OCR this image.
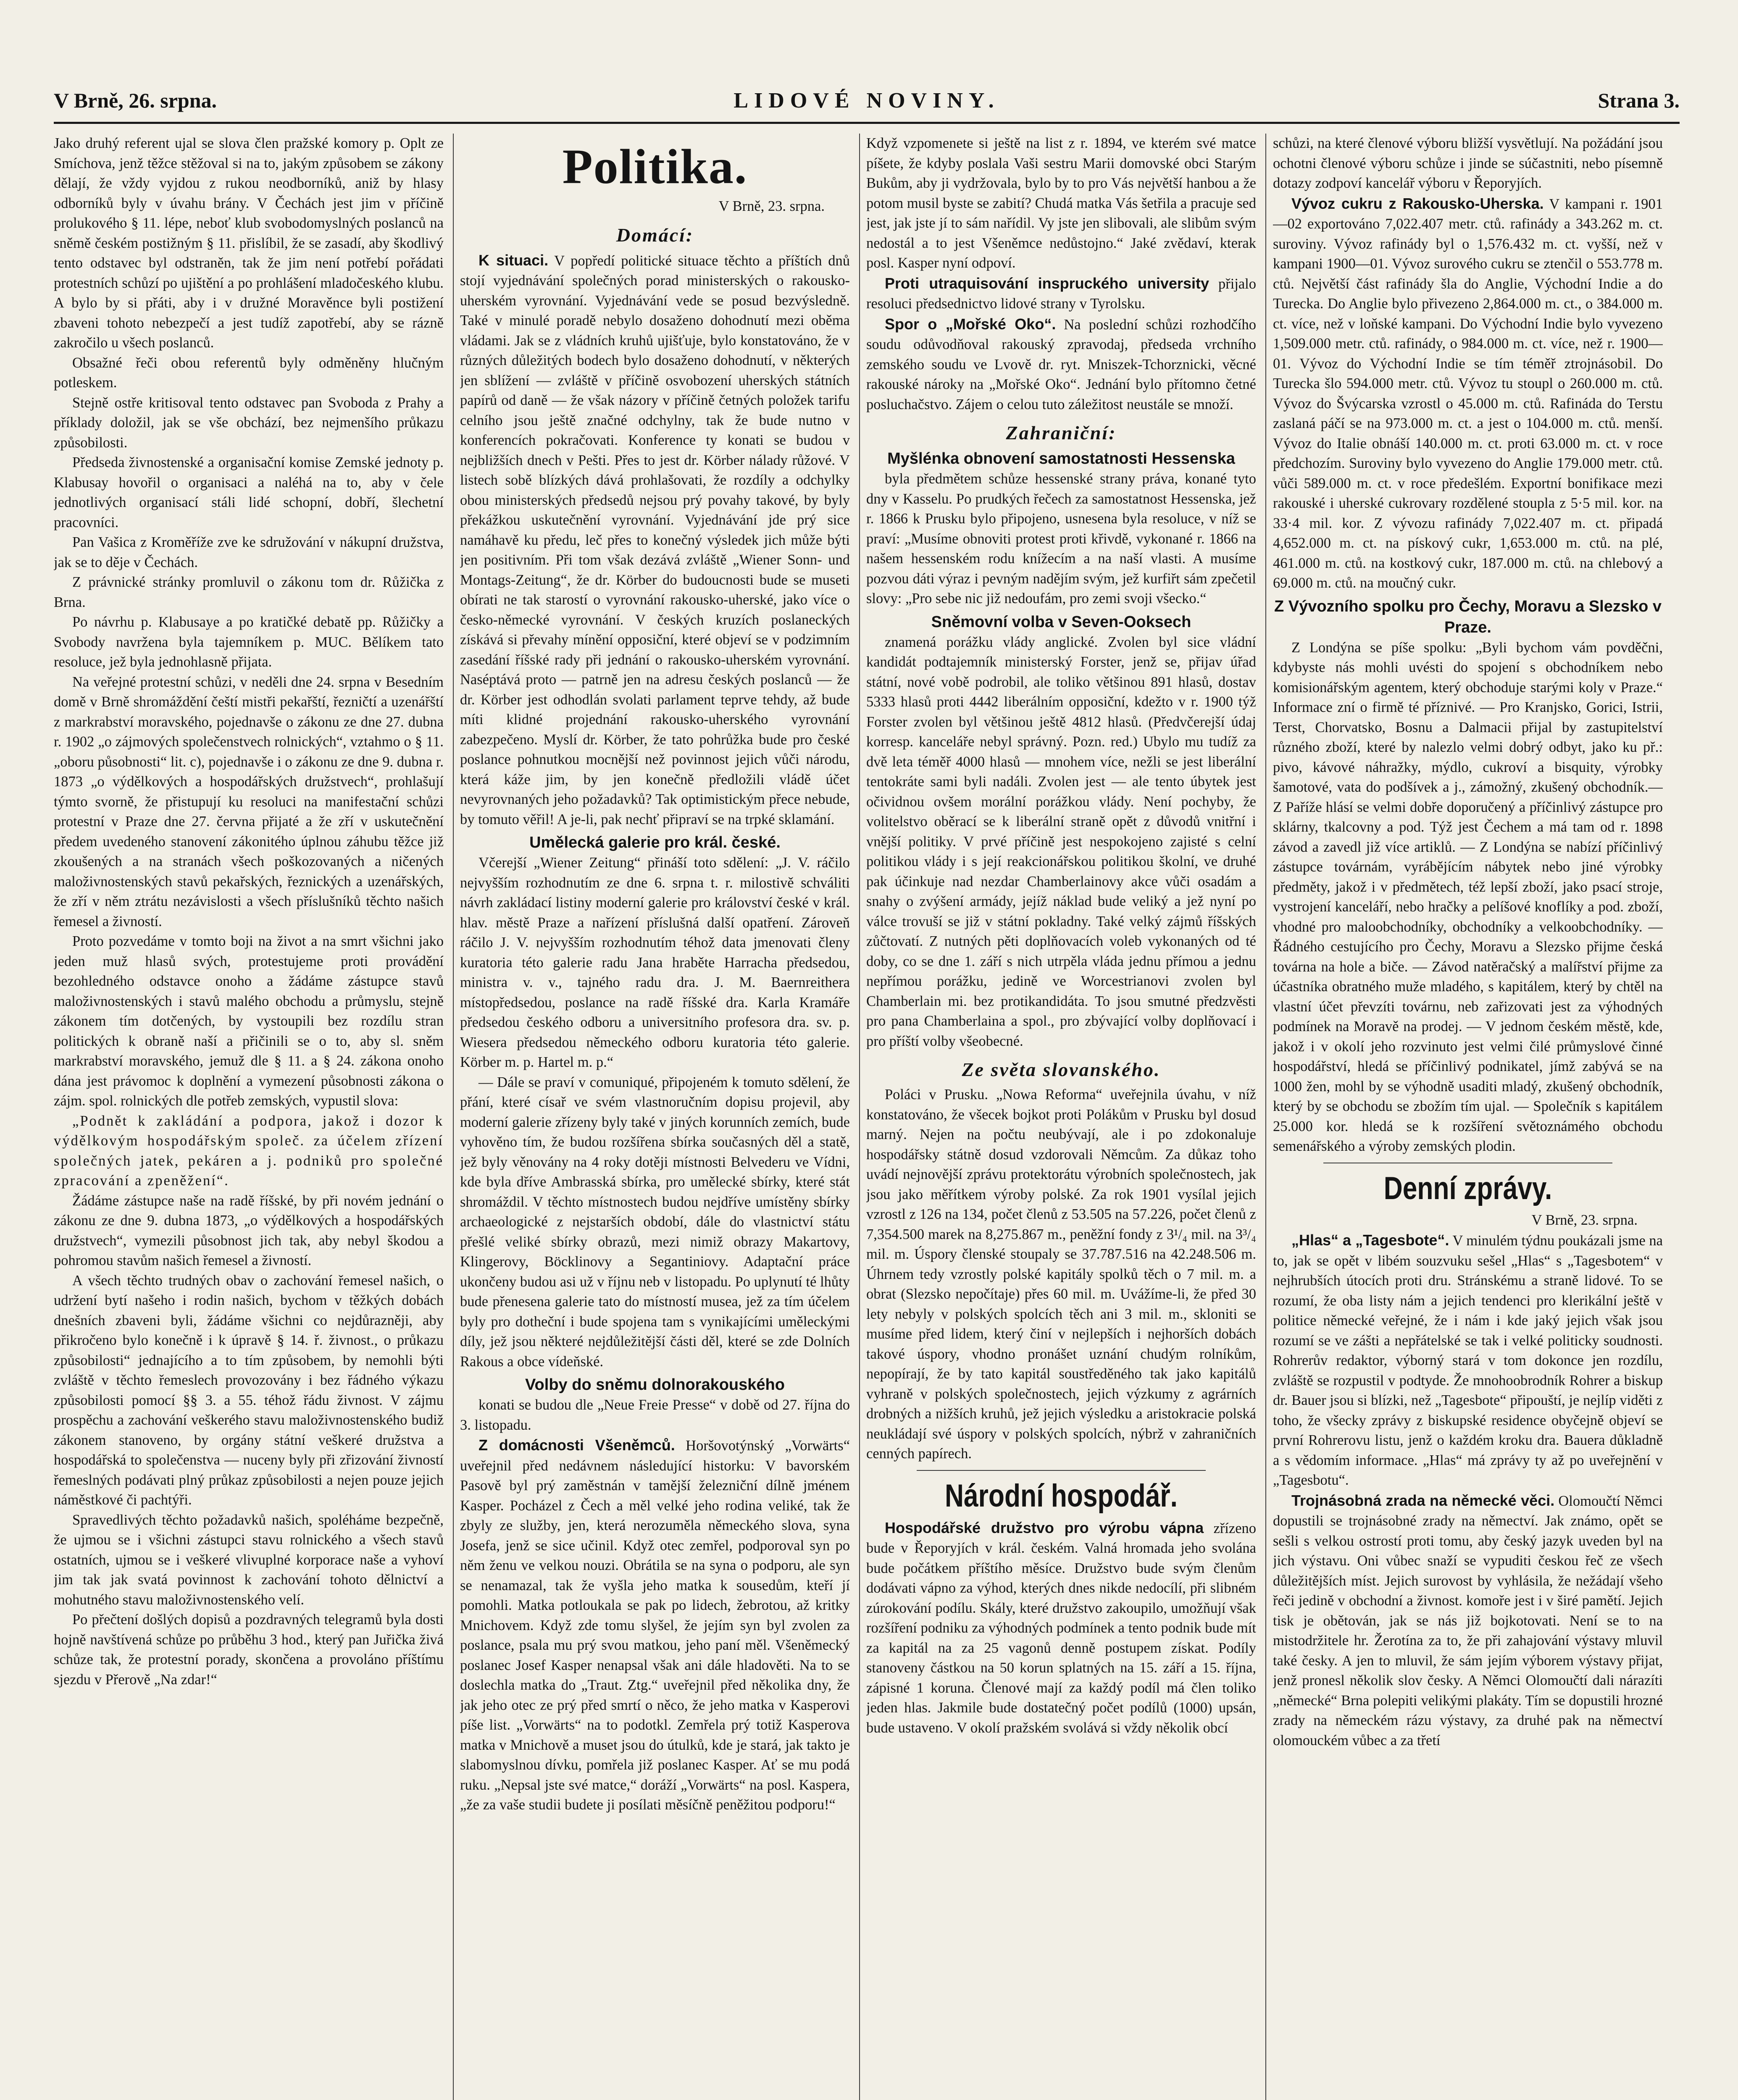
V Brně, 26. srpna.	LIDOVÉ NOVINY.	Strana 3.

Jako druhý referent ujal se slova člen pražské komory p. Oplt ze Smíchova, jenž těžce stěžoval si na to, jakým způsobem se zákony dělají, že vždy vyjdou z rukou neodborníků, aniž by hlasy odborníků byly v úvahu brány. V Čechách jest jim v příčině prolukového § 11. lépe, neboť klub svobodomyslných poslanců na sněmě českém postižným § 11. přislíbil, že se zasadí, aby škodlivý tento odstavec byl odstraněn, tak že jim není potřebí pořádati protestních schůzí po ujištění a po prohlášení mladočeského klubu. A bylo by si přáti, aby i v družné Moravěnce byli postižení zbaveni tohoto nebezpečí a jest tudíž zapotřebí, aby se rázně zakročilo u všech poslanců.

Obsažné řeči obou referentů byly odměněny hlučným potleskem.

Stejně ostře kritisoval tento odstavec pan Svoboda z Prahy a příklady doložil, jak se vše obchází, bez nejmenšího průkazu způsobilosti.

Předseda živnostenské a organisační komise Zemské jednoty p. Klabusay hovořil o organisaci a naléhá na to, aby v čele jednotlivých organisací stáli lidé schopní, dobří, šlechetní pracovníci.

Pan Vašica z Kroměříže zve ke sdružování v nákupní družstva, jak se to děje v Čechách.

Z právnické stránky promluvil o zákonu tom dr. Růžička z Brna.

Po návrhu p. Klabusaye a po kratičké debatě pp. Růžičky a Svobody navržena byla tajemníkem p. MUC. Bělíkem tato resoluce, jež byla jednohlasně přijata.

Na veřejné protestní schůzi, v neděli dne 24. srpna v Besedním domě v Brně shromáždění čeští mistři pekařští, řezničtí a uzenářští z markrabství moravského, pojednavše o zákonu ze dne 27. dubna r. 1902 „o zájmových společenstvech rolnických“, vztahmo o § 11. „oboru působnosti“ lit. c), pojednavše i o zákonu ze dne 9. dubna r. 1873 „o výdělkových a hospodářských družstvech“, prohlašují týmto svorně, že přistupují ku resoluci na manifestační schůzi protestní v Praze dne 27. června přijaté a že zří v uskutečnění předem uvedeného stanovení zákonitého úplnou záhubu těžce již zkoušených a na stranách všech poškozovaných a ničených maloživnostenských stavů pekařských, řeznických a uzenářských, že zří v něm ztrátu nezávislosti a všech příslušníků těchto našich řemesel a živností.

Proto pozvedáme v tomto boji na život a na smrt všichni jako jeden muž hlasů svých, protestujeme proti provádění bezohledného odstavce onoho a žádáme zástupce stavů maloživnostenských i stavů malého obchodu a průmyslu, stejně zákonem tím dotčených, by vystoupili bez rozdílu stran politických k obraně naší a přičinili se o to, aby sl. sněm markrabství moravského, jemuž dle § 11. a § 24. zákona onoho dána jest právomoc k doplnění a vymezení působnosti zákona o zájm. spol. rolnických dle potřeb zemských, vypustil slova:

„Podnět k zakládání a podpora, jakož i dozor k výdělkovým hospodářským společ. za účelem zřízení společných jatek, pekáren a j. podniků pro společné zpracování a zpeněžení“.

Žádáme zástupce naše na radě říšské, by při novém jednání o zákonu ze dne 9. dubna 1873, „o výdělkových a hospodářských družstvech“, vymezili působnost jich tak, aby nebyl škodou a pohromou stavům našich řemesel a živností.

A všech těchto trudných obav o zachování řemesel našich, o udržení bytí našeho i rodin našich, bychom v těžkých dobách dnešních zbaveni byli, žádáme všichni co nejdůrazněji, aby přikročeno bylo konečně i k úpravě § 14. ř. živnost., o průkazu způsobilosti“ jednajícího a to tím způsobem, by nemohli býti zvláště v těchto řemeslech provozovány i bez řádného výkazu způsobilosti pomocí §§ 3. a 55. téhož řádu živnost. V zájmu prospěchu a zachování veškerého stavu maloživnostenského budiž zákonem stanoveno, by orgány státní veškeré družstva a hospodářská to společenstva — nuceny byly při zřizování živností řemeslných podávati plný průkaz způsobilosti a nejen pouze jejich náměstkové či pachtýři.

Spravedlivých těchto požadavků našich, spoléháme bezpečně, že ujmou se i všichni zástupci stavu rolnického a všech stavů ostatních, ujmou se i veškeré vlivuplné korporace naše a vyhoví jim tak jak svatá povinnost k zachování tohoto dělnictví a mohutného stavu maloživnostenského velí.

Po přečtení došlých dopisů a pozdravných telegramů byla dosti hojně navštívená schůze po průběhu 3 hod., který pan Juřička živá schůze tak, že protestní porady, skončena a provoláno příštímu sjezdu v Přerově „Na zdar!“

Politika.
V Brně, 23. srpna.
Domácí:

K situaci. V popředí politické situace těchto a příštích dnů stojí vyjednávání společných porad ministerských o rakousko-uherském vyrovnání. Vyjednávání vede se posud bezvýsledně. Také v minulé poradě nebylo dosaženo dohodnutí mezi oběma vládami. Jak se z vládních kruhů ujišťuje, bylo konstatováno, že v různých důležitých bodech bylo dosaženo dohodnutí, v některých jen sblížení — zvláště v příčině osvobození uherských státních papírů od daně — že však názory v příčině četných položek tarifu celního jsou ještě značné odchylny, tak že bude nutno v konferencích pokračovati. Konference ty konati se budou v nejbližších dnech v Pešti. Přes to jest dr. Körber nálady růžové. V listech sobě blízkých dává prohlašovati, že rozdíly a odchylky obou ministerských předsedů nejsou prý povahy takové, by byly překážkou uskutečnění vyrovnání. Vyjednávání jde prý sice namáhavě ku předu, leč přes to konečný výsledek jich může býti jen positivním. Při tom však dezává zvláště „Wiener Sonn- und Montags-Zeitung“, že dr. Körber do budoucnosti bude se museti obírati ne tak starostí o vyrovnání rakousko-uherské, jako více o česko-německé vyrovnání. V českých kruzích poslaneckých získává si převahy mínění opposiční, které objeví se v podzimním zasedání říšské rady při jednání o rakousko-uherském vyrovnání. Naséptává proto — patrně jen na adresu českých poslanců — že dr. Körber jest odhodlán svolati parlament teprve tehdy, až bude míti klidné projednání rakousko-uherského vyrovnání zabezpečeno. Myslí dr. Körber, že tato pohrůžka bude pro české poslance pohnutkou mocnější než povinnost jejich vůči národu, která káže jim, by jen konečně předložili vládě účet nevyrovnaných jeho požadavků? Tak optimistickým přece nebude, by tomuto věřil! A je-li, pak nechť připraví se na trpké sklamání.

Umělecká galerie pro král. české.

Včerejší „Wiener Zeitung“ přináší toto sdělení: „J. V. ráčilo nejvyšším rozhodnutím ze dne 6. srpna t. r. milostivě schváliti návrh zakládací listiny moderní galerie pro království české v král. hlav. městě Praze a nařízení příslušná další opatření. Zároveň ráčilo J. V. nejvyšším rozhodnutím téhož data jmenovati členy kuratoria této galerie radu Jana hraběte Harracha předsedou, ministra v. v., tajného radu dra. J. M. Baernreithera místopředsedou, poslance na radě říšské dra. Karla Kramáře předsedou českého odboru a universitního profesora dra. sv. p. Wiesera předsedou německého odboru kuratoria této galerie. Körber m. p. Hartel m. p.“

— Dále se praví v comuniqué, připojeném k tomuto sdělení, že přání, které císař ve svém vlastnoručním dopisu projevil, aby moderní galerie zřízeny byly také v jiných korunních zemích, bude vyhověno tím, že budou rozšířena sbírka současných děl a statě, jež byly věnovány na 4 roky dotěji místnosti Belvederu ve Vídni, kde byla dříve Ambrasská sbírka, pro umělecké sbírky, které stát shromáždil. V těchto místnostech budou nejdříve umístěny sbírky archaeologické z nejstarších období, dále do vlastnictví státu přešlé veliké sbírky obrazů, mezi nimiž obrazy Makartovy, Klingerovy, Böcklinovy a Segantiniovy. Adaptační práce ukončeny budou asi už v říjnu neb v listopadu. Po uplynutí té lhůty bude přenesena galerie tato do místností musea, jež za tím účelem byly pro dotheční i bude spojena tam s vynikajícími uměleckými díly, jež jsou některé nejdůležitější části děl, které se zde Dolních Rakous a obce vídeňské.

Volby do sněmu dolnorakouského

konati se budou dle „Neue Freie Presse“ v době od 27. října do 3. listopadu.

Z domácnosti Všeněmců. Horšovotýnský „Vorwärts“ uveřejnil před nedávnem následující historku: V bavorském Pasově byl prý zaměstnán v tamější železniční dílně jménem Kasper. Pocházel z Čech a měl velké jeho rodina veliké, tak že zbyly ze služby, jen, která nerozuměla německého slova, syna Josefa, jenž se sice učinil. Když otec zemřel, podporoval syn po něm ženu ve velkou nouzi. Obrátila se na syna o podporu, ale syn se nenamazal, tak že vyšla jeho matka k sousedům, kteří jí pomohli. Matka potloukala se pak po lidech, žebrotou, až kritky Mnichovem. Když zde tomu slyšel, že jejím syn byl zvolen za poslance, psala mu prý svou matkou, jeho paní měl. Všeněmecký poslanec Josef Kasper nenapsal však ani dále hladověti. Na to se doslechla matka do „Traut. Ztg.“ uveřejnil před několika dny, že jak jeho otec ze prý před smrtí o něco, že jeho matka v Kasperovi píše list. „Vorwärts“ na to podotkl. Zemřela prý totiž Kasperova matka v Mnichově a muset jsou do útulků, kde je stará, jak takto je slabomyslnou dívku, pomřela již poslanec Kasper. Ať se mu podá ruku. „Nepsal jste své matce,“ doráží „Vorwärts“ na posl. Kaspera, „že za vaše studii budete ji posílati měsíčně peněžitou podporu!“

Když vzpomenete si ještě na list z r. 1894, ve kterém své matce píšete, že kdyby poslala Vaši sestru Marii domovské obci Starým Bukům, aby ji vydržovala, bylo by to pro Vás největší hanbou a že potom musil byste se zabití? Chudá matka Vás šetřila a pracuje sed jest, jak jste jí to sám nařídil. Vy jste jen slibovali, ale slibům svým nedostál a to jest Všeněmce nedůstojno.“ Jaké zvědaví, kterak posl. Kasper nyní odpoví.

Proti utraquisování inspruckého university přijalo resoluci předsednictvo lidové strany v Tyrolsku.

Spor o „Mořské Oko“. Na poslední schůzi rozhodčího soudu odůvodňoval rakouský zpravodaj, předseda vrchního zemského soudu ve Lvově dr. ryt. Mniszek-Tchorznicki, věcné rakouské nároky na „Mořské Oko“. Jednání bylo přítomno četné posluchačstvo. Zájem o celou tuto záležitost neustále se množí.

Zahraniční:
Myšlénka obnovení samostatnosti Hessenska

byla předmětem schůze hessenské strany práva, konané tyto dny v Kasselu. Po prudkých řečech za samostatnost Hessenska, jež r. 1866 k Prusku bylo připojeno, usnesena byla resoluce, v níž se praví: „Musíme obnoviti protest proti křivdě, vykonané r. 1866 na našem hessenském rodu knížecím a na naší vlasti. A musíme pozvou dáti výraz i pevným nadějím svým, jež kurfiřt sám zpečetil slovy: „Pro sebe nic již nedoufám, pro zemi svoji všecko.“

Sněmovní volba v Seven-Ooksech

znamená porážku vlády anglické. Zvolen byl sice vládní kandidát podtajemník ministerský Forster, jenž se, přijav úřad státní, nové vobě podrobil, ale toliko většinou 891 hlasů, dostav 5333 hlasů proti 4442 liberálním opposiční, kdežto v r. 1900 týž Forster zvolen byl většinou ještě 4812 hlasů. (Předvčerejší údaj korresp. kanceláře nebyl správný. Pozn. red.) Ubylo mu tudíž za dvě leta téměř 4000 hlasů — mnohem více, nežli se jest liberální tentokráte sami byli nadáli. Zvolen jest — ale tento úbytek jest očividnou ovšem morální porážkou vlády. Není pochyby, že volitelstvo oběrací se k liberální straně opět z důvodů vnitřní i vnější politiky. V prvé příčině jest nespokojeno zajisté s celní politikou vlády i s její reakcionářskou politikou školní, ve druhé pak účinkuje nad nezdar Chamberlainovy akce vůči osadám a snahy o zvýšení armády, jejíž náklad bude veliký a jež nyní po válce trovuší se již v státní pokladny. Také velký zájmů říšských zůčtovatí. Z nutných pěti doplňovacích voleb vykonaných od té doby, co se dne 1. září s nich utrpěla vláda jednu přímou a jednu nepřímou porážku, jedině ve Worcestrianovi zvolen byl Chamberlain mi. bez protikandidáta. To jsou smutné předzvěsti pro pana Chamberlaina a spol., pro zbývající volby doplňovací i pro příští volby všeobecné.

Ze světa slovanského.

Poláci v Prusku. „Nowa Reforma“ uveřejnila úvahu, v níž konstatováno, že všecek bojkot proti Polákům v Prusku byl dosud marný. Nejen na počtu neubývají, ale i po zdokonaluje hospodářsky státně dosud vzdorovali Němcům. Za důkaz toho uvádí nejnovější zprávu protektorátu výrobních společnostech, jak jsou jako měřítkem výroby polské. Za rok 1901 vysílal jejich vzrostl z 126 na 134, počet členů z 53.505 na 57.226, počet členů z 7,354.500 marek na 8,275.867 m., peněžní fondy z 3¹/₄ mil. na 3³/₄ mil. m. Úspory členské stoupaly se 37.787.516 na 42.248.506 m. Úhrnem tedy vzrostly polské kapitály spolků těch o 7 mil. m. a obrat (Slezsko nepočítaje) přes 60 mil. m. Uvážíme-li, že před 30 lety nebyly v polských spolcích těch ani 3 mil. m., skloniti se musíme před lidem, který činí v nejlepších i nejhorších dobách takové úspory, vhodno pronášet uznání chudým rolníkům, nepopírají, že by tato kapitál soustředěného tak jako kapitálů vyhraně v polských společnostech, jejich výzkumy z agrárních drobných a nižších kruhů, jež jejich výsledku a aristokracie polská neukládají své úspory v polských spolcích, nýbrž v zahraničních cenných papírech.

Národní hospodář.

Hospodářské družstvo pro výrobu vápna zřízeno bude v Řeporyjích v král. českém. Valná hromada jeho svolána bude počátkem příštího měsíce. Družstvo bude svým členům dodávati vápno za výhod, kterých dnes nikde nedocílí, při slibném zúrokování podílu. Skály, které družstvo zakoupilo, umožňují však rozšíření podniku za výhodných podmínek a tento podnik bude mít za kapitál na za 25 vagonů denně postupem získat. Podíly stanoveny částkou na 50 korun splatných na 15. září a 15. října, zápisné 1 koruna. Členové mají za každý podíl má člen toliko jeden hlas. Jakmile bude dostatečný počet podílů (1000) upsán, bude ustaveno. V okolí pražském svolává si vždy několik obcí

schůzi, na které členové výboru bližší vysvětlují. Na požádání jsou ochotni členové výboru schůze i jinde se súčastniti, nebo písemně dotazy zodpoví kancelář výboru v Řeporyjích.

Vývoz cukru z Rakousko-Uherska. V kampani r. 1901—02 exportováno 7,022.407 metr. ctů. rafinády a 343.262 m. ct. suroviny. Vývoz rafinády byl o 1,576.432 m. ct. vyšší, než v kampani 1900—01. Vývoz surového cukru se ztenčil o 553.778 m. ctů. Největší část rafinády šla do Anglie, Východní Indie a do Turecka. Do Anglie bylo přivezeno 2,864.000 m. ct., o 384.000 m. ct. více, než v loňské kampani. Do Východní Indie bylo vyvezeno 1,509.000 metr. ctů. rafinády, o 984.000 m. ct. více, než r. 1900—01. Vývoz do Východní Indie se tím téměř ztrojnásobil. Do Turecka šlo 594.000 metr. ctů. Vývoz tu stoupl o 260.000 m. ctů. Vývoz do Švýcarska vzrostl o 45.000 m. ctů. Rafináda do Terstu zaslaná páčí se na 973.000 m. ct. a jest o 104.000 m. ctů. menší. Vývoz do Italie obnáší 140.000 m. ct. proti 63.000 m. ct. v roce předchozím. Suroviny bylo vyvezeno do Anglie 179.000 metr. ctů. vůči 589.000 m. ct. v roce předešlém. Exportní bonifikace mezi rakouské i uherské cukrovary rozdělené stoupla z 5·5 mil. kor. na 33·4 mil. kor. Z vývozu rafinády 7,022.407 m. ct. připadá 4,652.000 m. ct. na pískový cukr, 1,653.000 m. ctů. na plé, 461.000 m. ctů. na kostkový cukr, 187.000 m. ctů. na chlebový a 69.000 m. ctů. na moučný cukr.

Z Vývozního spolku pro Čechy, Moravu a Slezsko v Praze.

Z Londýna se píše spolku: „Byli bychom vám povděčni, kdybyste nás mohli uvésti do spojení s obchodníkem nebo komisionářským agentem, který obchoduje starými koly v Praze.“ Informace zní o firmě té příznivé. — Pro Kranjsko, Gorici, Istrii, Terst, Chorvatsko, Bosnu a Dalmacii přijal by zastupitelství různého zboží, které by nalezlo velmi dobrý odbyt, jako ku př.: pivo, kávové náhražky, mýdlo, cukroví a bisquity, výrobky šamotové, vata do podšívek a j., zámožný, zkušený obchodník.— Z Paříže hlásí se velmi dobře doporučený a příčinlivý zástupce pro sklárny, tkalcovny a pod. Týž jest Čechem a má tam od r. 1898 závod a zavedl již více artiklů. — Z Londýna se nabízí příčinlivý zástupce továrnám, vyrábějícím nábytek nebo jiné výrobky předměty, jakož i v předmětech, též lepší zboží, jako psací stroje, vystrojení kanceláří, nebo hračky a pelíšové knoflíky a pod. zboží, vhodné pro maloobchodníky, obchodníky a velkoobchodníky. — Řádného cestujícího pro Čechy, Moravu a Slezsko přijme česká továrna na hole a biče. — Závod natěračský a malířství přijme za účastníka obratného muže mladého, s kapitálem, který by chtěl na vlastní účet převzíti továrnu, neb zařizovati jest za výhodných podmínek na Moravě na prodej. — V jednom českém městě, kde, jakož i v okolí jeho rozvinuto jest velmi čilé průmyslové činné hospodářství, hledá se příčinlivý podnikatel, jímž zabývá se na 1000 žen, mohl by se výhodně usaditi mladý, zkušený obchodník, který by se obchodu se zbožím tím ujal. — Společník s kapitálem 25.000 kor. hledá se k rozšíření světoznámého obchodu semenářského a výroby zemských plodin.

Denní zprávy.
V Brně, 23. srpna.

„Hlas“ a „Tagesbote“. V minulém týdnu poukázali jsme na to, jak se opět v libém souzvuku sešel „Hlas“ s „Tagesbotem“ v nejhrubších útocích proti dru. Stránskému a straně lidové. To se rozumí, že oba listy nám a jejich tendenci pro klerikální ještě v politice německé veřejné, že i nám i kde jaký jejich však jsou rozumí se ve zášti a nepřátelské se tak i velké politicky soudnosti. Rohrerův redaktor, výborný stará v tom dokonce jen rozdílu, zvláště se rozpustil v podtyde. Že mnohoobrodník Rohrer a biskup dr. Bauer jsou si blízki, než „Tagesbote“ připouští, je nejlíp viděti z toho, že všecky zprávy z biskupské residence obyčejně objeví se první Rohrerovu listu, jenž o každém kroku dra. Bauera důkladně a s vědomím informace. „Hlas“ má zprávy ty až po uveřejnění v „Tagesbotu“.

Trojnásobná zrada na německé věci. Olomoučtí Němci dopustili se trojnásobné zrady na němectví. Jak známo, opět se sešli s velkou ostrostí proti tomu, aby český jazyk uveden byl na jich výstavu. Oni vůbec snaží se vypuditi českou řeč ze všech důležitějších míst. Jejich surovost by vyhlásila, že nežádají všeho řeči jedině v obchodní a živnost. komoře jest i v širé pamětí. Jejich tisk je obětován, jak se nás již bojkotovati. Není se to na mistodržitele hr. Žerotína za to, že při zahajování výstavy mluvil také česky. A jen to mluvil, že sám jejím výborem výstavy přijat, jenž pronesl několik slov česky. A Němci Olomoučtí dali nárazíti „německé“ Brna polepiti velikými plakáty. Tím se dopustili hrozné zrady na německém rázu výstavy, za druhé pak na němectví olomouckém vůbec a za třetí
